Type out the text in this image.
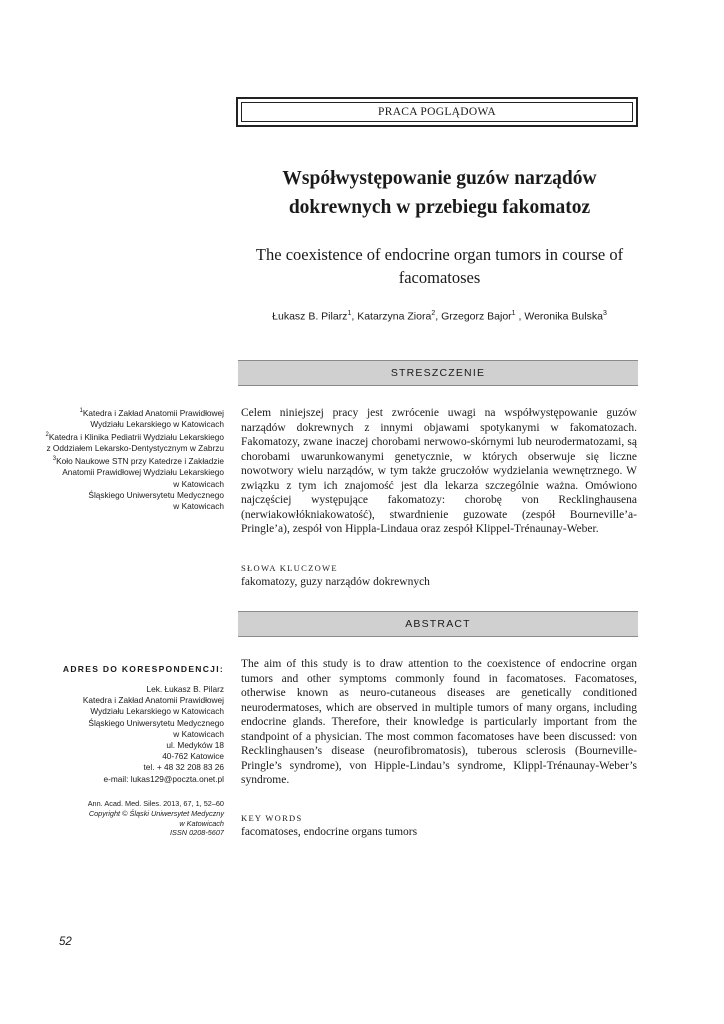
PRACA POGLĄDOWA
Współwystępowanie guzów narządów dokrewnych w przebiegu fakomatoz
The coexistence of endocrine organ tumors in course of facomatoses
Łukasz B. Pilarz$^1$, Katarzyna Ziora$^2$, Grzegorz Bajor$^1$ , Weronika Bulska$^3$
STRESZCZENIE
Celem niniejszej pracy jest zwrócenie uwagi na współwystępowanie guzów narządów dokrewnych z innymi objawami spotykanymi w fakomatozach. Fakomatozy, zwane inaczej chorobami nerwowo-skórnymi lub neurodermatozami, są chorobami uwarunkowanymi genetycznie, w których obserwuje się liczne nowotwory wielu narządów, w tym także gruczołów wydzielania wewnętrznego. W związku z tym ich znajomość jest dla lekarza szczególnie ważna. Omówiono najczęściej występujące fakomatozy: chorobę von Recklinghausena (nerwiakowłókniakowatość), stwardnienie guzowate (zespół Bourneville’a-Pringle’a), zespół von Hippla-Lindaua oraz zespół Klippel-Trénaunay-Weber.
SŁOWA KLUCZOWE
fakomatozy, guzy narządów dokrewnych
ABSTRACT
The aim of this study is to draw attention to the coexistence of endocrine organ tumors and other symptoms commonly found in facomatoses. Facomatoses, otherwise known as neuro-cutaneous diseases are genetically conditioned neurodermatoses, which are observed in multiple tumors of many organs, including endocrine glands. Therefore, their knowledge is particularly important from the standpoint of a physician. The most common facomatoses have been discussed: von Recklinghausen’s disease (neurofibromatosis), tuberous sclerosis (Bourneville-Pringle’s syndrome), von Hipple-Lindau’s syndrome, Klippl-Trénaunay-Weber’s syndrome.
KEY WORDS
facomatoses, endocrine organs tumors
$^1$Katedra i Zakład Anatomii Prawidłowej
Wydziału Lekarskiego w Katowicach
$^2$Katedra i Klinika Pediatrii Wydziału Lekarskiego
z Oddziałem Lekarsko-Dentystycznym w Zabrzu
$^3$Koło Naukowe STN przy Katedrze i Zakładzie
Anatomii Prawidłowej Wydziału Lekarskiego
w Katowicach
Śląskiego Uniwersytetu Medycznego
w Katowicach
ADRES DO KORESPONDENCJI:
Lek. Łukasz B. Pilarz
Katedra i Zakład Anatomii Prawidłowej
Wydziału Lekarskiego w Katowicach
Śląskiego Uniwersytetu Medycznego
w Katowicach
ul. Medyków 18
40-762 Katowice
tel. + 48 32 208 83 26
e-mail: lukas129@poczta.onet.pl
Ann. Acad. Med. Siles. 2013, 67, 1, 52–60
Copyright © Śląski Uniwersytet Medyczny
w Katowicach
ISSN 0208-5607
52
